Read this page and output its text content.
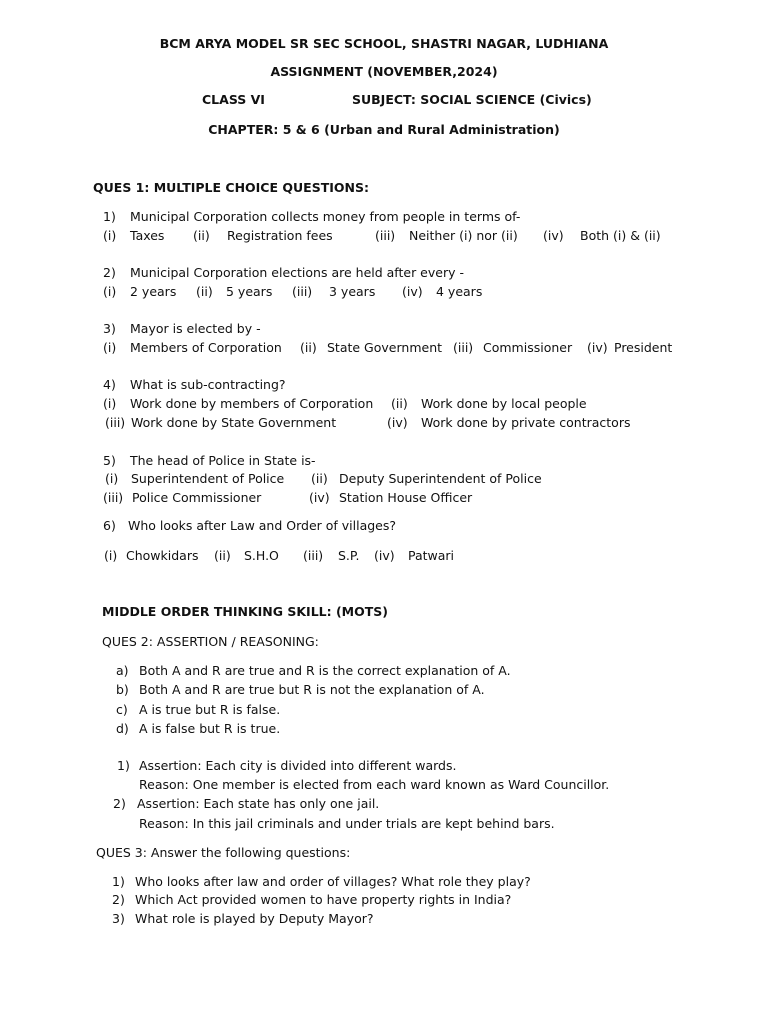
BCM ARYA MODEL SR SEC SCHOOL, SHASTRI NAGAR, LUDHIANA
ASSIGNMENT (NOVEMBER,2024)
CLASS VI	SUBJECT: SOCIAL SCIENCE (Civics)
CHAPTER: 5 & 6 (Urban and Rural Administration)
QUES 1: MULTIPLE CHOICE QUESTIONS:
1) Municipal Corporation collects money from people in terms of-
(i) Taxes (ii) Registration fees	(iii) Neither (i) nor (ii) (iv) Both (i) & (ii)
2) Municipal Corporation elections are held after every -
(i) 2 years (ii) 5 years (iii) 3 years (iv) 4 years
3) Mayor is elected by -
(i) Members of Corporation (ii) State Government (iii) Commissioner (iv) President
4) What is sub-contracting?
(i) Work done by members of Corporation (ii) Work done by local people
(iii) Work done by State Government	(iv) Work done by private contractors
5) The head of Police in State is-
(i) Superintendent of Police (ii) Deputy Superintendent of Police
(iii) Police Commissioner	(iv) Station House Officer
6) Who looks after Law and Order of villages?
(i) Chowkidars (ii) S.H.O (iii) S.P. (iv) Patwari
MIDDLE ORDER THINKING SKILL: (MOTS)
QUES 2: ASSERTION / REASONING:
a) Both A and R are true and R is the correct explanation of A.
b) Both A and R are true but R is not the explanation of A.
c) A is true but R is false.
d) A is false but R is true.
1) Assertion: Each city is divided into different wards.
Reason: One member is elected from each ward known as Ward Councillor.
2) Assertion: Each state has only one jail.
Reason: In this jail criminals and under trials are kept behind bars.
QUES 3: Answer the following questions:
1) Who looks after law and order of villages? What role they play?
2) Which Act provided women to have property rights in India?
3) What role is played by Deputy Mayor?
